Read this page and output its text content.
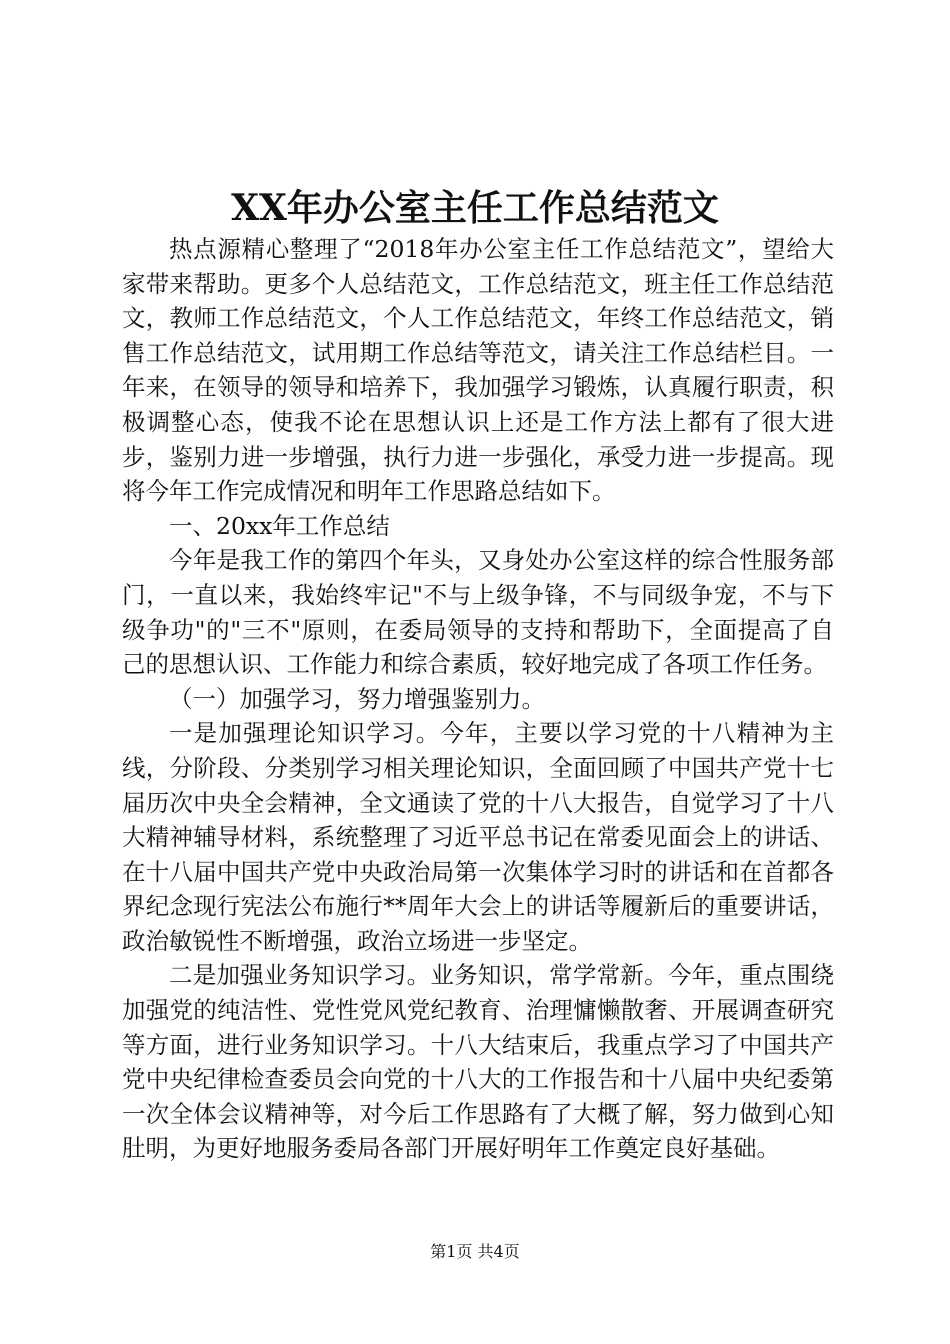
XX年办公室主任工作总结范文

热点源精心整理了“2018年办公室主任工作总结范文”，望给大家带来帮助。更多个人总结范文，工作总结范文，班主任工作总结范文，教师工作总结范文，个人工作总结范文，年终工作总结范文，销售工作总结范文，试用期工作总结等范文，请关注工作总结栏目。一年来，在领导的领导和培养下，我加强学习锻炼，认真履行职责，积极调整心态，使我不论在思想认识上还是工作方法上都有了很大进步，鉴别力进一步增强，执行力进一步强化，承受力进一步提高。现将今年工作完成情况和明年工作思路总结如下。

一、20xx年工作总结

今年是我工作的第四个年头，又身处办公室这样的综合性服务部门，一直以来，我始终牢记"不与上级争锋，不与同级争宠，不与下级争功"的"三不"原则，在委局领导的支持和帮助下，全面提高了自己的思想认识、工作能力和综合素质，较好地完成了各项工作任务。

（一）加强学习，努力增强鉴别力。

一是加强理论知识学习。今年，主要以学习党的十八精神为主线，分阶段、分类别学习相关理论知识，全面回顾了中国共产党十七届历次中央全会精神，全文通读了党的十八大报告，自觉学习了十八大精神辅导材料，系统整理了习近平总书记在常委见面会上的讲话、在十八届中国共产党中央政治局第一次集体学习时的讲话和在首都各界纪念现行宪法公布施行**周年大会上的讲话等履新后的重要讲话，政治敏锐性不断增强，政治立场进一步坚定。

二是加强业务知识学习。业务知识，常学常新。今年，重点围绕加强党的纯洁性、党性党风党纪教育、治理慵懒散奢、开展调查研究等方面，进行业务知识学习。十八大结束后，我重点学习了中国共产党中央纪律检查委员会向党的十八大的工作报告和十八届中央纪委第一次全体会议精神等，对今后工作思路有了大概了解，努力做到心知肚明，为更好地服务委局各部门开展好明年工作奠定良好基础。

第1页 共4页
